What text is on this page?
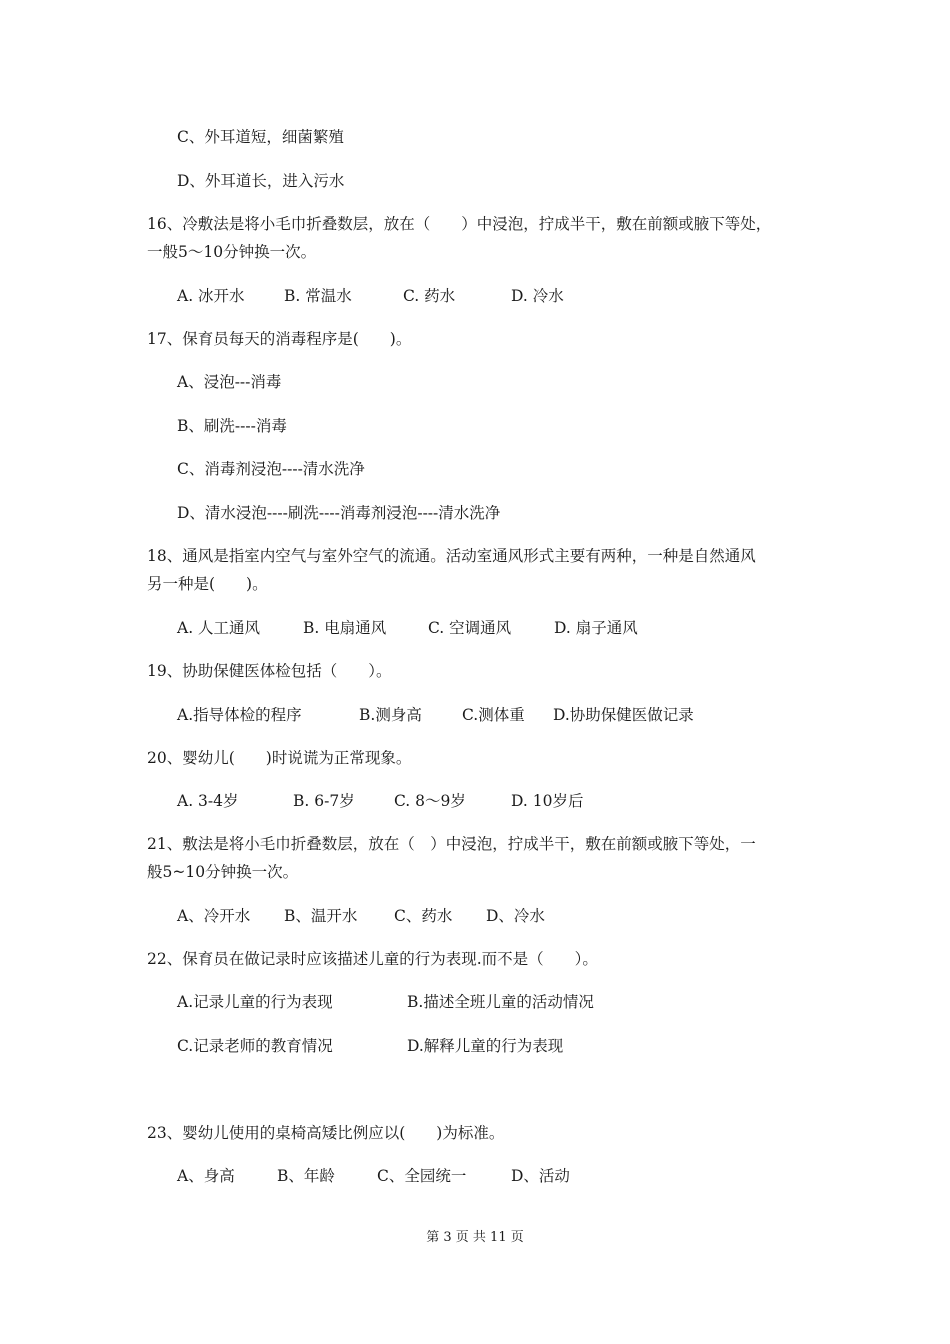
C、外耳道短，细菌繁殖
D、外耳道长，进入污水
16、冷敷法是将小毛巾折叠数层，放在（　　）中浸泡，拧成半干，敷在前额或腋下等处，
一般5～10分钟换一次。
A. 冰开水	B. 常温水	C. 药水	D. 冷水
17、保育员每天的消毒程序是(　　)。
A、浸泡---消毒
B、刷洗----消毒
C、消毒剂浸泡----清水洗净
D、清水浸泡----刷洗----消毒剂浸泡----清水洗净
18、通风是指室内空气与室外空气的流通。活动室通风形式主要有两种，一种是自然通风
另一种是(　　)。
A. 人工通风	B. 电扇通风	C. 空调通风	D. 扇子通风
19、协助保健医体检包括（　　）。
A.指导体检的程序	B.测身高	C.测体重 D.协助保健医做记录
20、婴幼儿(　　)时说谎为正常现象。
A. 3-4岁	B. 6-7岁	C. 8～9岁	D. 10岁后
21、敷法是将小毛巾折叠数层，放在（　）中浸泡，拧成半干，敷在前额或腋下等处，一
般5~10分钟换一次。
A、冷开水 B、温开水 C、药水 D、冷水
22、保育员在做记录时应该描述儿童的行为表现.而不是（　　）。
A.记录儿童的行为表现	B.描述全班儿童的活动情况
C.记录老师的教育情况	D.解释儿童的行为表现
23、婴幼儿使用的桌椅高矮比例应以(　　)为标准。
A、身高	B、年龄	C、全园统一	D、活动
第 3 页 共 11 页
